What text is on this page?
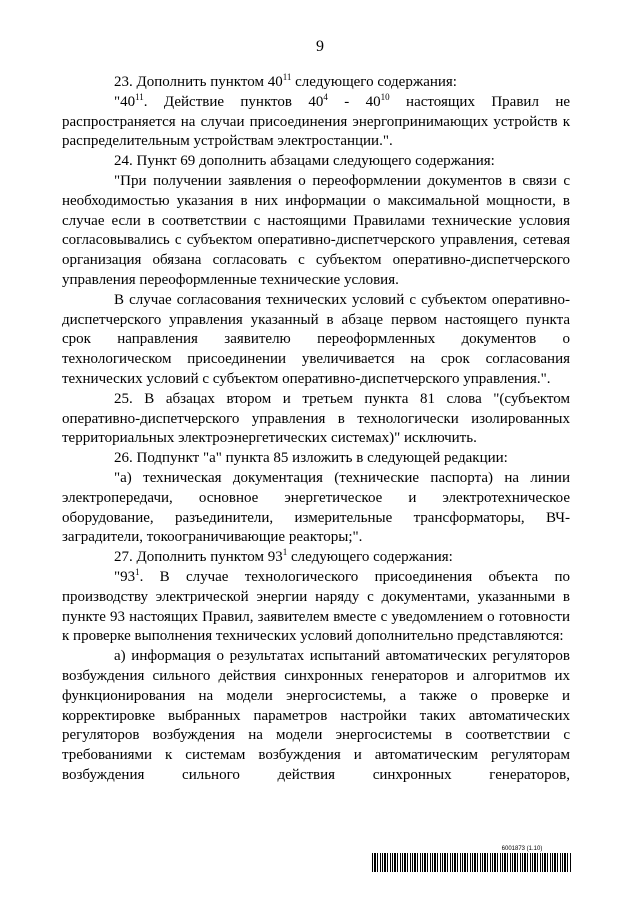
9

23. Дополнить пунктом $40^{11}$ следующего содержания:

"$40^{11}$. Действие пунктов $40^4 - 40^{10}$ настоящих Правил не распространяется на случаи присоединения энергопринимающих устройств к распределительным устройствам электростанции.".

24. Пункт 69 дополнить абзацами следующего содержания:

"При получении заявления о переоформлении документов в связи с необходимостью указания в них информации о максимальной мощности, в случае если в соответствии с настоящими Правилами технические условия согласовывались с субъектом оперативно-диспетчерского управления, сетевая организация обязана согласовать с субъектом оперативно-диспетчерского управления переоформленные технические условия.

В случае согласования технических условий с субъектом оперативно-диспетчерского управления указанный в абзаце первом настоящего пункта срок направления заявителю переоформленных документов о технологическом присоединении увеличивается на срок согласования технических условий с субъектом оперативно-диспетчерского управления.".

25. В абзацах втором и третьем пункта 81 слова "(субъектом оперативно-диспетчерского управления в технологически изолированных территориальных электроэнергетических системах)" исключить.

26. Подпункт "а" пункта 85 изложить в следующей редакции:

"а) техническая документация (технические паспорта) на линии электропередачи, основное энергетическое и электротехническое оборудование, разъединители, измерительные трансформаторы, ВЧ-заградители, токоограничивающие реакторы;".

27. Дополнить пунктом $93^1$ следующего содержания:

"$93^1$. В случае технологического присоединения объекта по производству электрической энергии наряду с документами, указанными в пункте 93 настоящих Правил, заявителем вместе с уведомлением о готовности к проверке выполнения технических условий дополнительно представляются:

а) информация о результатах испытаний автоматических регуляторов возбуждения сильного действия синхронных генераторов и алгоритмов их функционирования на модели энергосистемы, а также о проверке и корректировке выбранных параметров настройки таких автоматических регуляторов возбуждения на модели энергосистемы в соответствии с требованиями к системам возбуждения и автоматическим регуляторам возбуждения сильного действия синхронных генераторов,

6001873 (1.10)
